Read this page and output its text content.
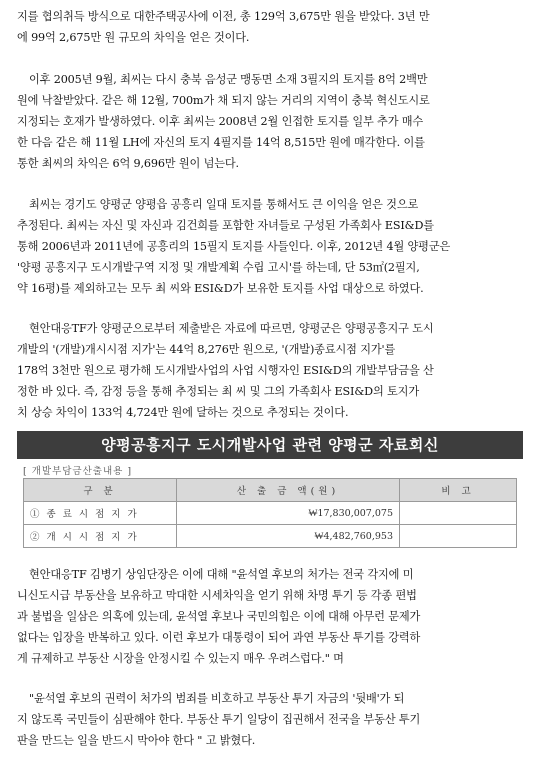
지를 협의취득 방식으로 대한주택공사에 이전, 총 129억 3,675만 원을 받았다. 3년 만
에 99억 2,675만 원 규모의 차익을 얻은 것이다.
이후 2005년 9월, 최씨는 다시 충북 음성군 맹동면 소재 3필지의 토지를 8억 2백만
원에 낙찰받았다. 같은 해 12월, 700m가 채 되지 않는 거리의 지역이 충북 혁신도시로
지정되는 호재가 발생하였다. 이후 최씨는 2008년 2월 인접한 토지를 일부 추가 매수
한 다음 같은 해 11월 LH에 자신의 토지 4필지를 14억 8,515만 원에 매각한다. 이를
통한 최씨의 차익은 6억 9,696만 원이 넘는다.
최씨는 경기도 양평군 양평읍 공흥리 일대 토지를 통해서도 큰 이익을 얻은 것으로
추정된다. 최씨는 자신 및 자신과 김건희를 포함한 자녀들로 구성된 가족회사 ESI&D를
통해 2006년과 2011년에 공흥리의 15필지 토지를 사들인다. 이후, 2012년 4월 양평군은
'양평 공흥지구 도시개발구역 지정 및 개발계획 수립 고시'를 하는데, 단 53㎡(2필지,
약 16평)를 제외하고는 모두 최 씨와 ESI&D가 보유한 토지를 사업 대상으로 하였다.
현안대응TF가 양평군으로부터 제출받은 자료에 따르면, 양평군은 양평공흥지구 도시
개발의 '(개발)개시시점 지가'는 44억 8,276만 원으로, '(개발)종료시점 지가'를
178억 3천만 원으로 평가해 도시개발사업의 사업 시행자인 ESI&D의 개발부담금을 산
정한 바 있다. 즉, 감정 등을 통해 추정되는 최 씨 및 그의 가족회사 ESI&D의 토지가
치 상승 차익이 133억 4,724만 원에 달하는 것으로 추정되는 것이다.
양평공흥지구 도시개발사업 관련 양평군 자료회신
[ 개발부담금산출내용 ]
구 분	산 출 금 액(원)	비 고
① 종 료 시 점 지 가	₩17,830,007,075	
② 개 시 시 점 지 가	₩4,482,760,953	
현안대응TF 김병기 상임단장은 이에 대해 "윤석열 후보의 처가는 전국 각지에 미
니신도시급 부동산을 보유하고 막대한 시세차익을 얻기 위해 차명 투기 등 각종 편법
과 불법을 일삼은 의혹에 있는데, 윤석열 후보나 국민의힘은 이에 대해 아무런 문제가
없다는 입장을 반복하고 있다. 이런 후보가 대통령이 되어 과연 부동산 투기를 강력하
게 규제하고 부동산 시장을 안정시킬 수 있는지 매우 우려스럽다." 며
"윤석열 후보의 권력이 처가의 범죄를 비호하고 부동산 투기 자금의 '뒷배'가 되
지 않도록 국민들이 심판해야 한다. 부동산 투기 일당이 집권해서 전국을 부동산 투기
판을 만드는 일을 반드시 막아야 한다 " 고 밝혔다.
